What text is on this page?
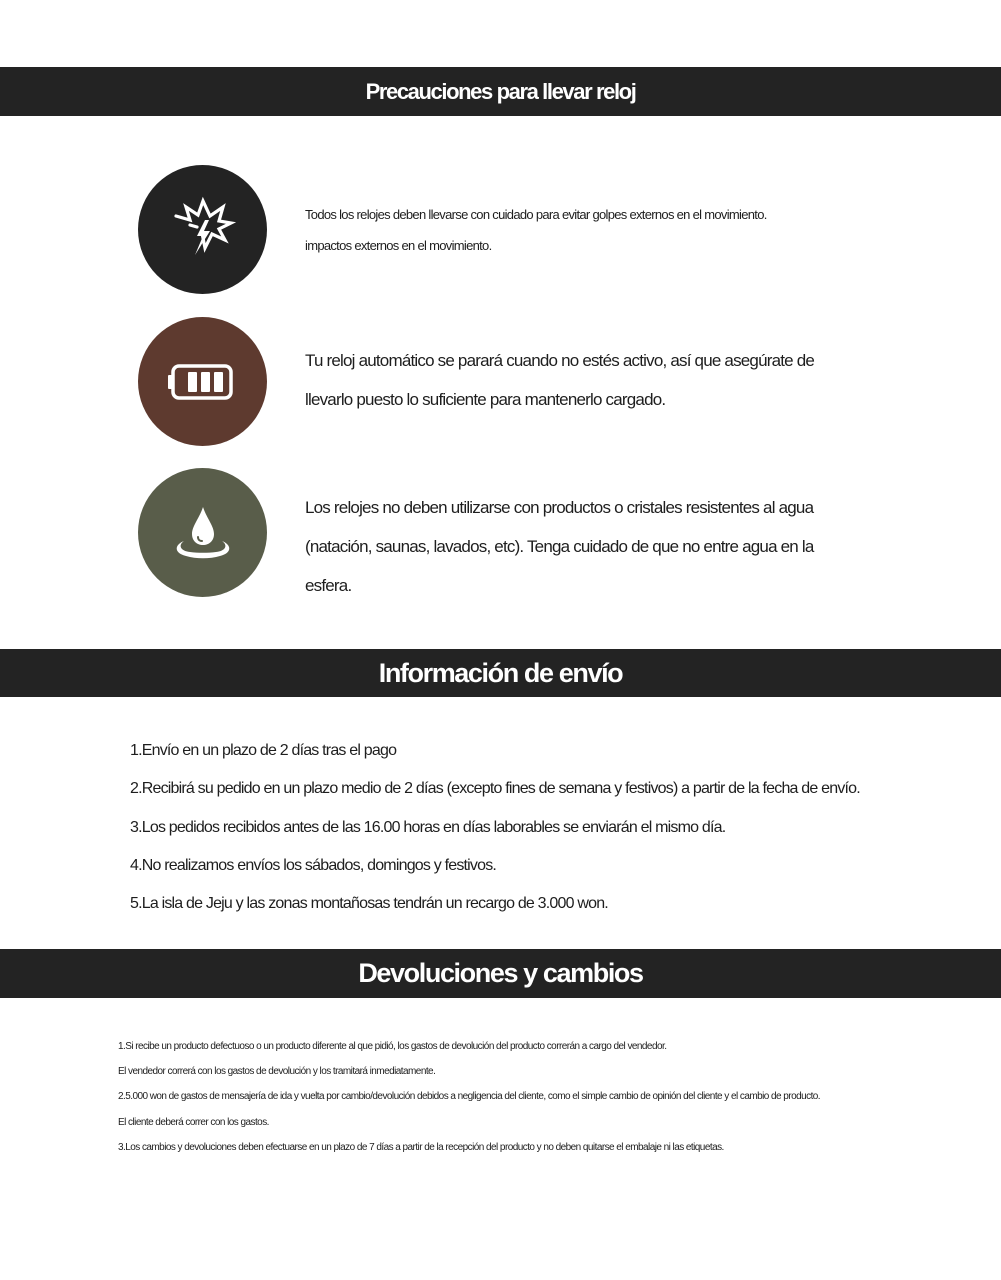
Precauciones para llevar reloj

Todos los relojes deben llevarse con cuidado para evitar golpes externos en el movimiento.

impactos externos en el movimiento.

Tu reloj automático se parará cuando no estés activo, así que asegúrate de

llevarlo puesto lo suficiente para mantenerlo cargado.

Los relojes no deben utilizarse con productos o cristales resistentes al agua

(natación, saunas, lavados, etc). Tenga cuidado de que no entre agua en la

esfera.

Información de envío

1.Envío en un plazo de 2 días tras el pago

2.Recibirá su pedido en un plazo medio de 2 días (excepto fines de semana y festivos) a partir de la fecha de envío.

3.Los pedidos recibidos antes de las 16.00 horas en días laborables se enviarán el mismo día.

4.No realizamos envíos los sábados, domingos y festivos.

5.La isla de Jeju y las zonas montañosas tendrán un recargo de 3.000 won.

Devoluciones y cambios

1.Si recibe un producto defectuoso o un producto diferente al que pidió, los gastos de devolución del producto correrán a cargo del vendedor.

El vendedor correrá con los gastos de devolución y los tramitará inmediatamente.

2.5.000 won de gastos de mensajería de ida y vuelta por cambio/devolución debidos a negligencia del cliente, como el simple cambio de opinión del cliente y el cambio de producto.

El cliente deberá correr con los gastos.

3.Los cambios y devoluciones deben efectuarse en un plazo de 7 días a partir de la recepción del producto y no deben quitarse el embalaje ni las etiquetas.
